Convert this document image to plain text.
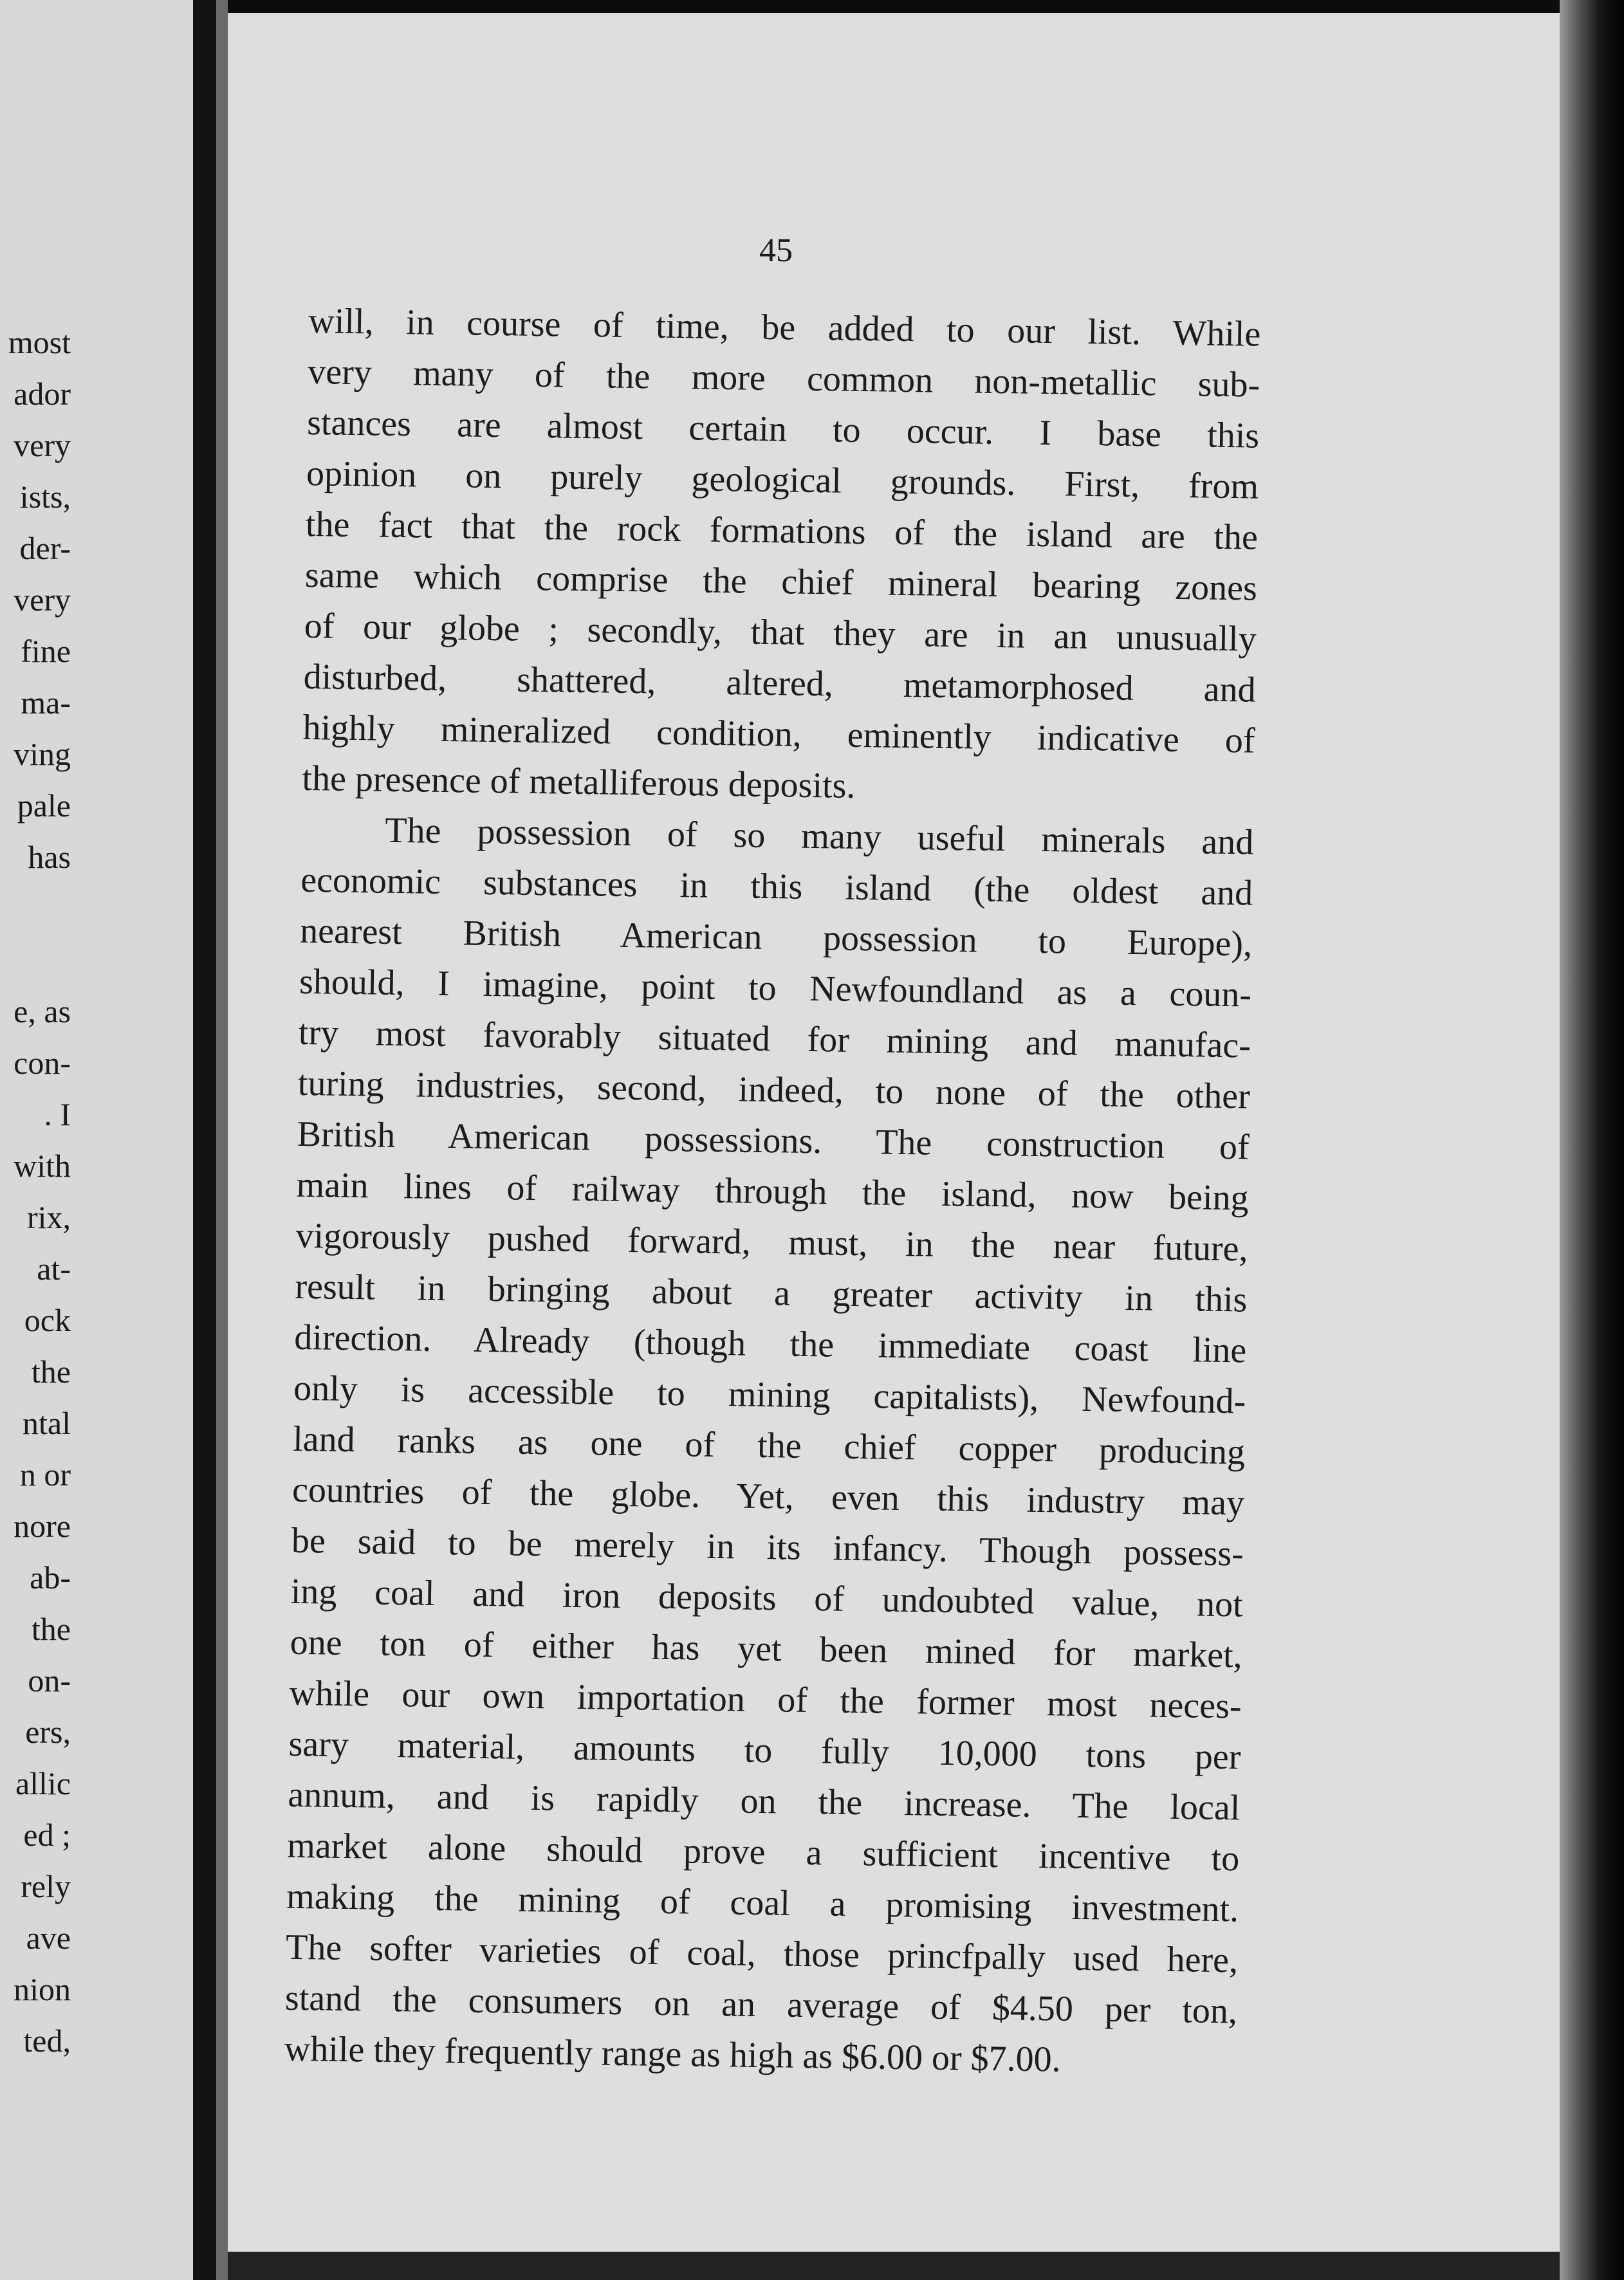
most
ador
very
ists,
der-
very
fine
ma-
ving
pale
has
e, as
con-
. I
with
rix,
at-
ock
the
ntal
n or
nore
ab-
the
on-
ers,
allic
ed ;
rely
ave
nion
ted,
45
will, in course of time, be added to our list. While
very many of the more common non-metallic sub-
stances are almost certain to occur. I base this
opinion on purely geological grounds. First, from
the fact that the rock formations of the island are the
same which comprise the chief mineral bearing zones
of our globe ; secondly, that they are in an unusually
disturbed, shattered, altered, metamorphosed and
highly mineralized condition, eminently indicative of
the presence of metalliferous deposits.
The possession of so many useful minerals and
economic substances in this island (the oldest and
nearest British American possession to Europe),
should, I imagine, point to Newfoundland as a coun-
try most favorably situated for mining and manufac-
turing industries, second, indeed, to none of the other
British American possessions. The construction of
main lines of railway through the island, now being
vigorously pushed forward, must, in the near future,
result in bringing about a greater activity in this
direction. Already (though the immediate coast line
only is accessible to mining capitalists), Newfound-
land ranks as one of the chief copper producing
countries of the globe. Yet, even this industry may
be said to be merely in its infancy. Though possess-
ing coal and iron deposits of undoubted value, not
one ton of either has yet been mined for market,
while our own importation of the former most neces-
sary material, amounts to fully 10,000 tons per
annum, and is rapidly on the increase. The local
market alone should prove a sufficient incentive to
making the mining of coal a promising investment.
The softer varieties of coal, those princfpally used here,
stand the consumers on an average of $4.50 per ton,
while they frequently range as high as $6.00 or $7.00.
